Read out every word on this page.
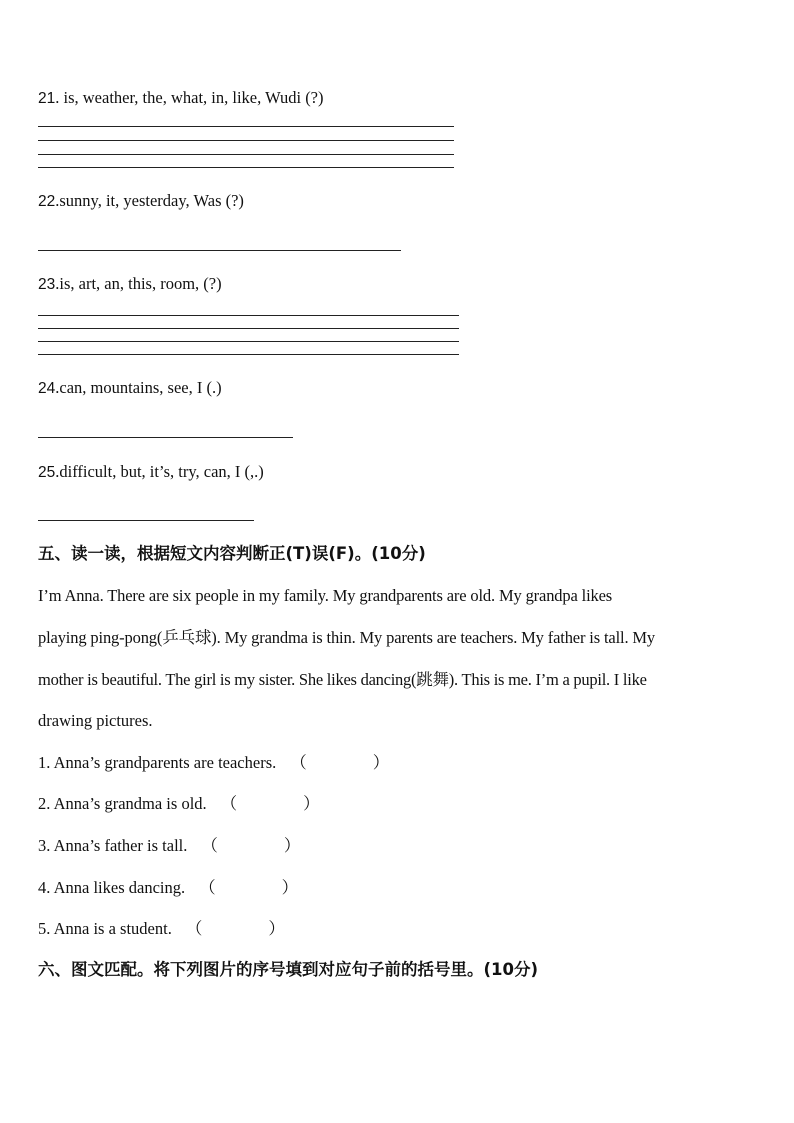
21. is, weather, the, what, in, like, Wudi (?)
22.sunny, it, yesterday, Was (?)
23.is, art, an, this, room, (?)
24.can, mountains, see, I (.)
25.difficult, but, it’s, try, can, I (,.)
五、读一读，根据短文内容判断正(T)误(F)。(10分)
I’m Anna. There are six people in my family. My grandparents are old. My grandpa likes
playing ping-pong(乒乓球). My grandma is thin. My parents are teachers. My father is tall. My
mother is beautiful. The girl is my sister. She likes dancing(跳舞). This is me. I’m a pupil. I like
drawing pictures.
1. Anna’s grandparents are teachers. （	）
2. Anna’s grandma is old. （	）
3. Anna’s father is tall. （	）
4. Anna likes dancing. （	）
5. Anna is a student. （	）
六、图文匹配。将下列图片的序号填到对应句子前的括号里。(10分)
